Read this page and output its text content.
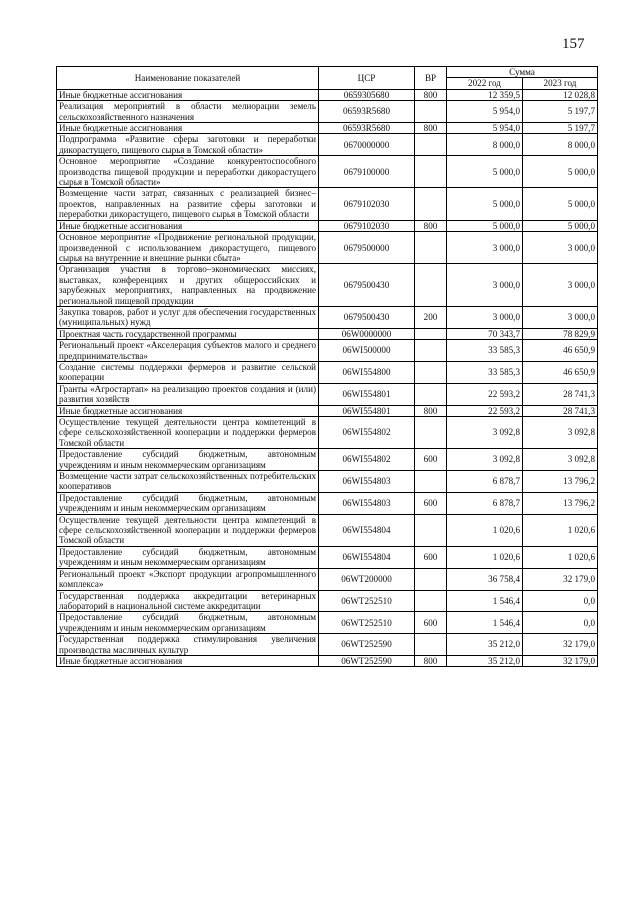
157
Наименование показателей	ЦСР	ВР	Сумма	
			2022 год	2023 год
Иные бюджетные ассигнования	0659305680	800	12 359,5	12 028,8
Реализация мероприятий в области мелиорации земель сельскохозяйственного назначения	06593R5680		5 954,0	5 197,7
Иные бюджетные ассигнования	06593R5680	800	5 954,0	5 197,7
Подпрограмма «Развитие сферы заготовки и переработки дикорастущего, пищевого сырья в Томской области»	0670000000		8 000,0	8 000,0
Основное мероприятие «Создание конкурентоспособного производства пищевой продукции и переработки дикорастущего сырья в Томской области»	0679100000		5 000,0	5 000,0
Возмещение части затрат, связанных с реализацией бизнес–проектов, направленных на развитие сферы заготовки и переработки дикорастущего, пищевого сырья в Томской области	0679102030		5 000,0	5 000,0
Иные бюджетные ассигнования	0679102030	800	5 000,0	5 000,0
Основное мероприятие «Продвижение региональной продукции, произведенной с использованием дикорастущего, пищевого сырья на внутренние и внешние рынки сбыта»	0679500000		3 000,0	3 000,0
Организация участия в торгово–экономических миссиях, выставках, конференциях и других общероссийских и зарубежных мероприятиях, направленных на продвижение региональной пищевой продукции	0679500430		3 000,0	3 000,0
Закупка товаров, работ и услуг для обеспечения государственных (муниципальных) нужд	0679500430	200	3 000,0	3 000,0
Проектная часть государственной программы	06W0000000		70 343,7	78 829,9
Региональный проект «Акселерация субъектов малого и среднего предпринимательства»	06WI500000		33 585,3	46 650,9
Создание системы поддержки фермеров и развитие сельской кооперации	06WI554800		33 585,3	46 650,9
Гранты «Агростартап» на реализацию проектов создания и (или) развития хозяйств	06WI554801		22 593,2	28 741,3
Иные бюджетные ассигнования	06WI554801	800	22 593,2	28 741,3
Осуществление текущей деятельности центра компетенций в сфере сельскохозяйственной кооперации и поддержки фермеров Томской области	06WI554802		3 092,8	3 092,8
Предоставление субсидий бюджетным, автономным учреждениям и иным некоммерческим организациям	06WI554802	600	3 092,8	3 092,8
Возмещение части затрат сельскохозяйственных потребительских кооперативов	06WI554803		6 878,7	13 796,2
Предоставление субсидий бюджетным, автономным учреждениям и иным некоммерческим организациям	06WI554803	600	6 878,7	13 796,2
Осуществление текущей деятельности центра компетенций в сфере сельскохозяйственной кооперации и поддержки фермеров Томской области	06WI554804		1 020,6	1 020,6
Предоставление субсидий бюджетным, автономным учреждениям и иным некоммерческим организациям	06WI554804	600	1 020,6	1 020,6
Региональный проект «Экспорт продукции агропромышленного комплекса»	06WT200000		36 758,4	32 179,0
Государственная поддержка аккредитации ветеринарных лабораторий в национальной системе аккредитации	06WT252510		1 546,4	0,0
Предоставление субсидий бюджетным, автономным учреждениям и иным некоммерческим организациям	06WT252510	600	1 546,4	0,0
Государственная поддержка стимулирования увеличения производства масличных культур	06WT252590		35 212,0	32 179,0
Иные бюджетные ассигнования	06WT252590	800	35 212,0	32 179,0
